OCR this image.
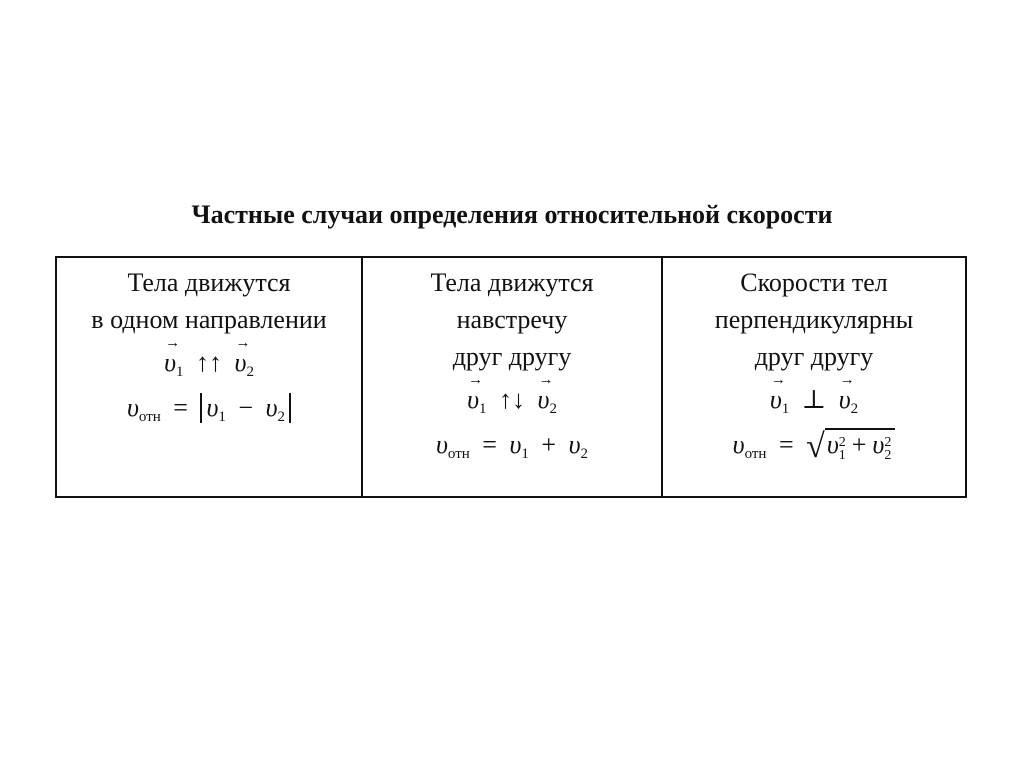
Частные случаи определения относительной скорости
Тела движутся
в одном направлении
→ $\upsilon_1$ ↑↑ → $\upsilon_2$
$\upsilon_{отн} = \upsilon_1 - \upsilon_2$
Тела движутся
навстречу
друг другу
→ $\upsilon_1$ ↑↓ → $\upsilon_2$
$\upsilon_{отн} = \upsilon_1 + \upsilon_2$
Скорости тел
перпендикулярны
друг другу
→ $\upsilon_1$ ⊥ → $\upsilon_2$
$\upsilon_{отн} = √\upsilon$ 2
1 + υ 2
2
